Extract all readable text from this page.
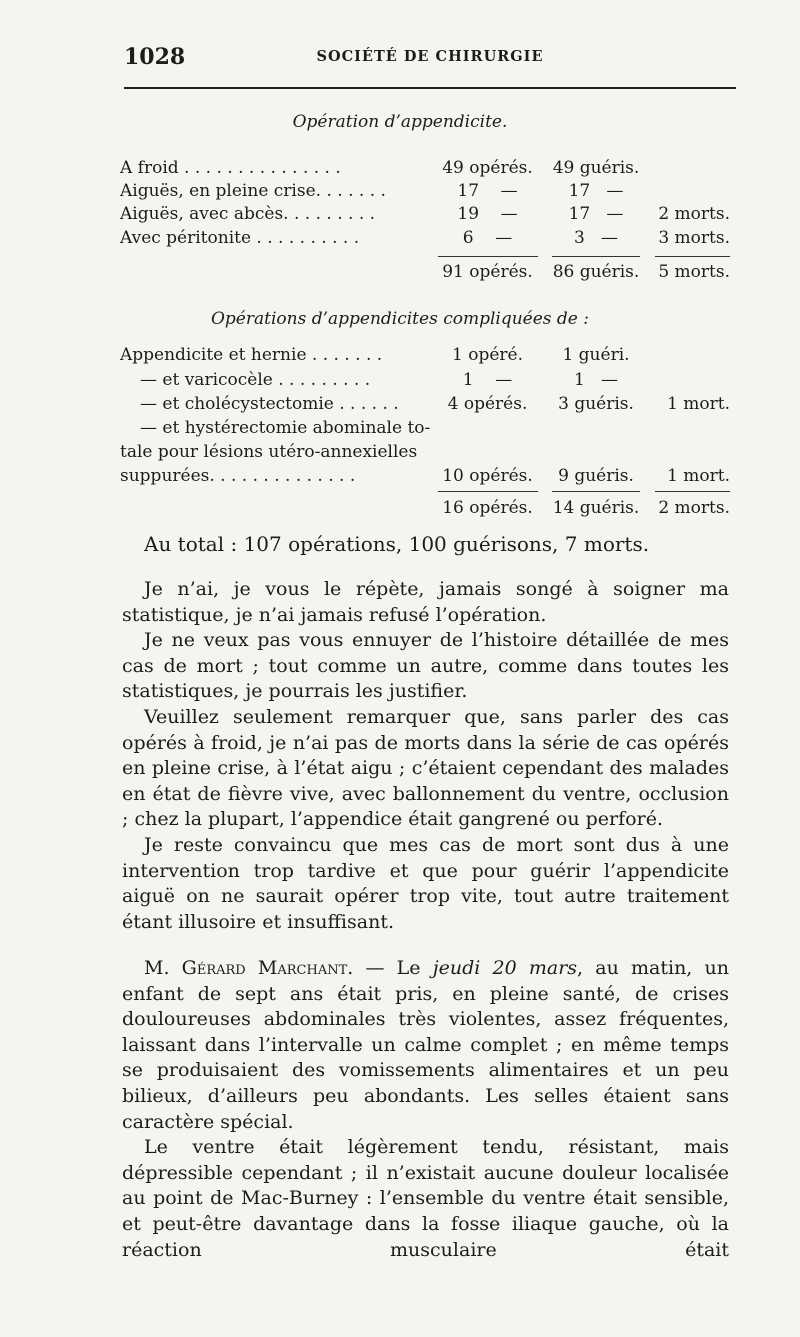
1028	SOCIÉTÉ DE CHIRURGIE
Opération d’appendicite.
A froid . . . . . . . . . . . . . . .	49 opérés.	49 guéris.
Aiguës, en pleine crise. . . . . . .	17    —	17   —
Aiguës, avec abcès. . . . . . . . .	19    —	17   —	2 morts.
Avec péritonite . . . . . . . . . .	6    —	3   —	3 morts.
91 opérés.	86 guéris.	5 morts.
Opérations d’appendicites compliquées de :
Appendicite et hernie . . . . . . .	1 opéré.	1 guéri.
— et varicocèle . . . . . . . . .	1    —	1   —
— et cholécystectomie . . . . . .	4 opérés.	3 guéris.	1 mort.
— et hystérectomie abominale to-
tale pour lésions utéro-annexielles
suppurées. . . . . . . . . . . . . .	10 opérés.	9 guéris.	1 mort.
16 opérés.	14 guéris.	2 morts.
Au total : 107 opérations, 100 guérisons, 7 morts.

Je n’ai, je vous le répète, jamais songé à soigner ma statistique, je n’ai jamais refusé l’opération.

Je ne veux pas vous ennuyer de l’histoire détaillée de mes cas de mort ; tout comme un autre, comme dans toutes les statistiques, je pourrais les justifier.

Veuillez seulement remarquer que, sans parler des cas opérés à froid, je n’ai pas de morts dans la série de cas opérés en pleine crise, à l’état aigu ; c’étaient cependant des malades en état de fièvre vive, avec ballonnement du ventre, occlusion ; chez la plupart, l’appendice était gangrené ou perforé.

Je reste convaincu que mes cas de mort sont dus à une intervention trop tardive et que pour guérir l’appendicite aiguë on ne saurait opérer trop vite, tout autre traitement étant illusoire et insuffisant.

M. Gérard Marchant. — Le jeudi 20 mars, au matin, un enfant de sept ans était pris, en pleine santé, de crises douloureuses abdominales très violentes, assez fréquentes, laissant dans l’intervalle un calme complet ; en même temps se produisaient des vomissements alimentaires et un peu bilieux, d’ailleurs peu abondants. Les selles étaient sans caractère spécial.

Le ventre était légèrement tendu, résistant, mais dépressible cependant ; il n’existait aucune douleur localisée au point de Mac-Burney : l’ensemble du ventre était sensible, et peut-être davantage dans la fosse iliaque gauche, où la réaction musculaire était
